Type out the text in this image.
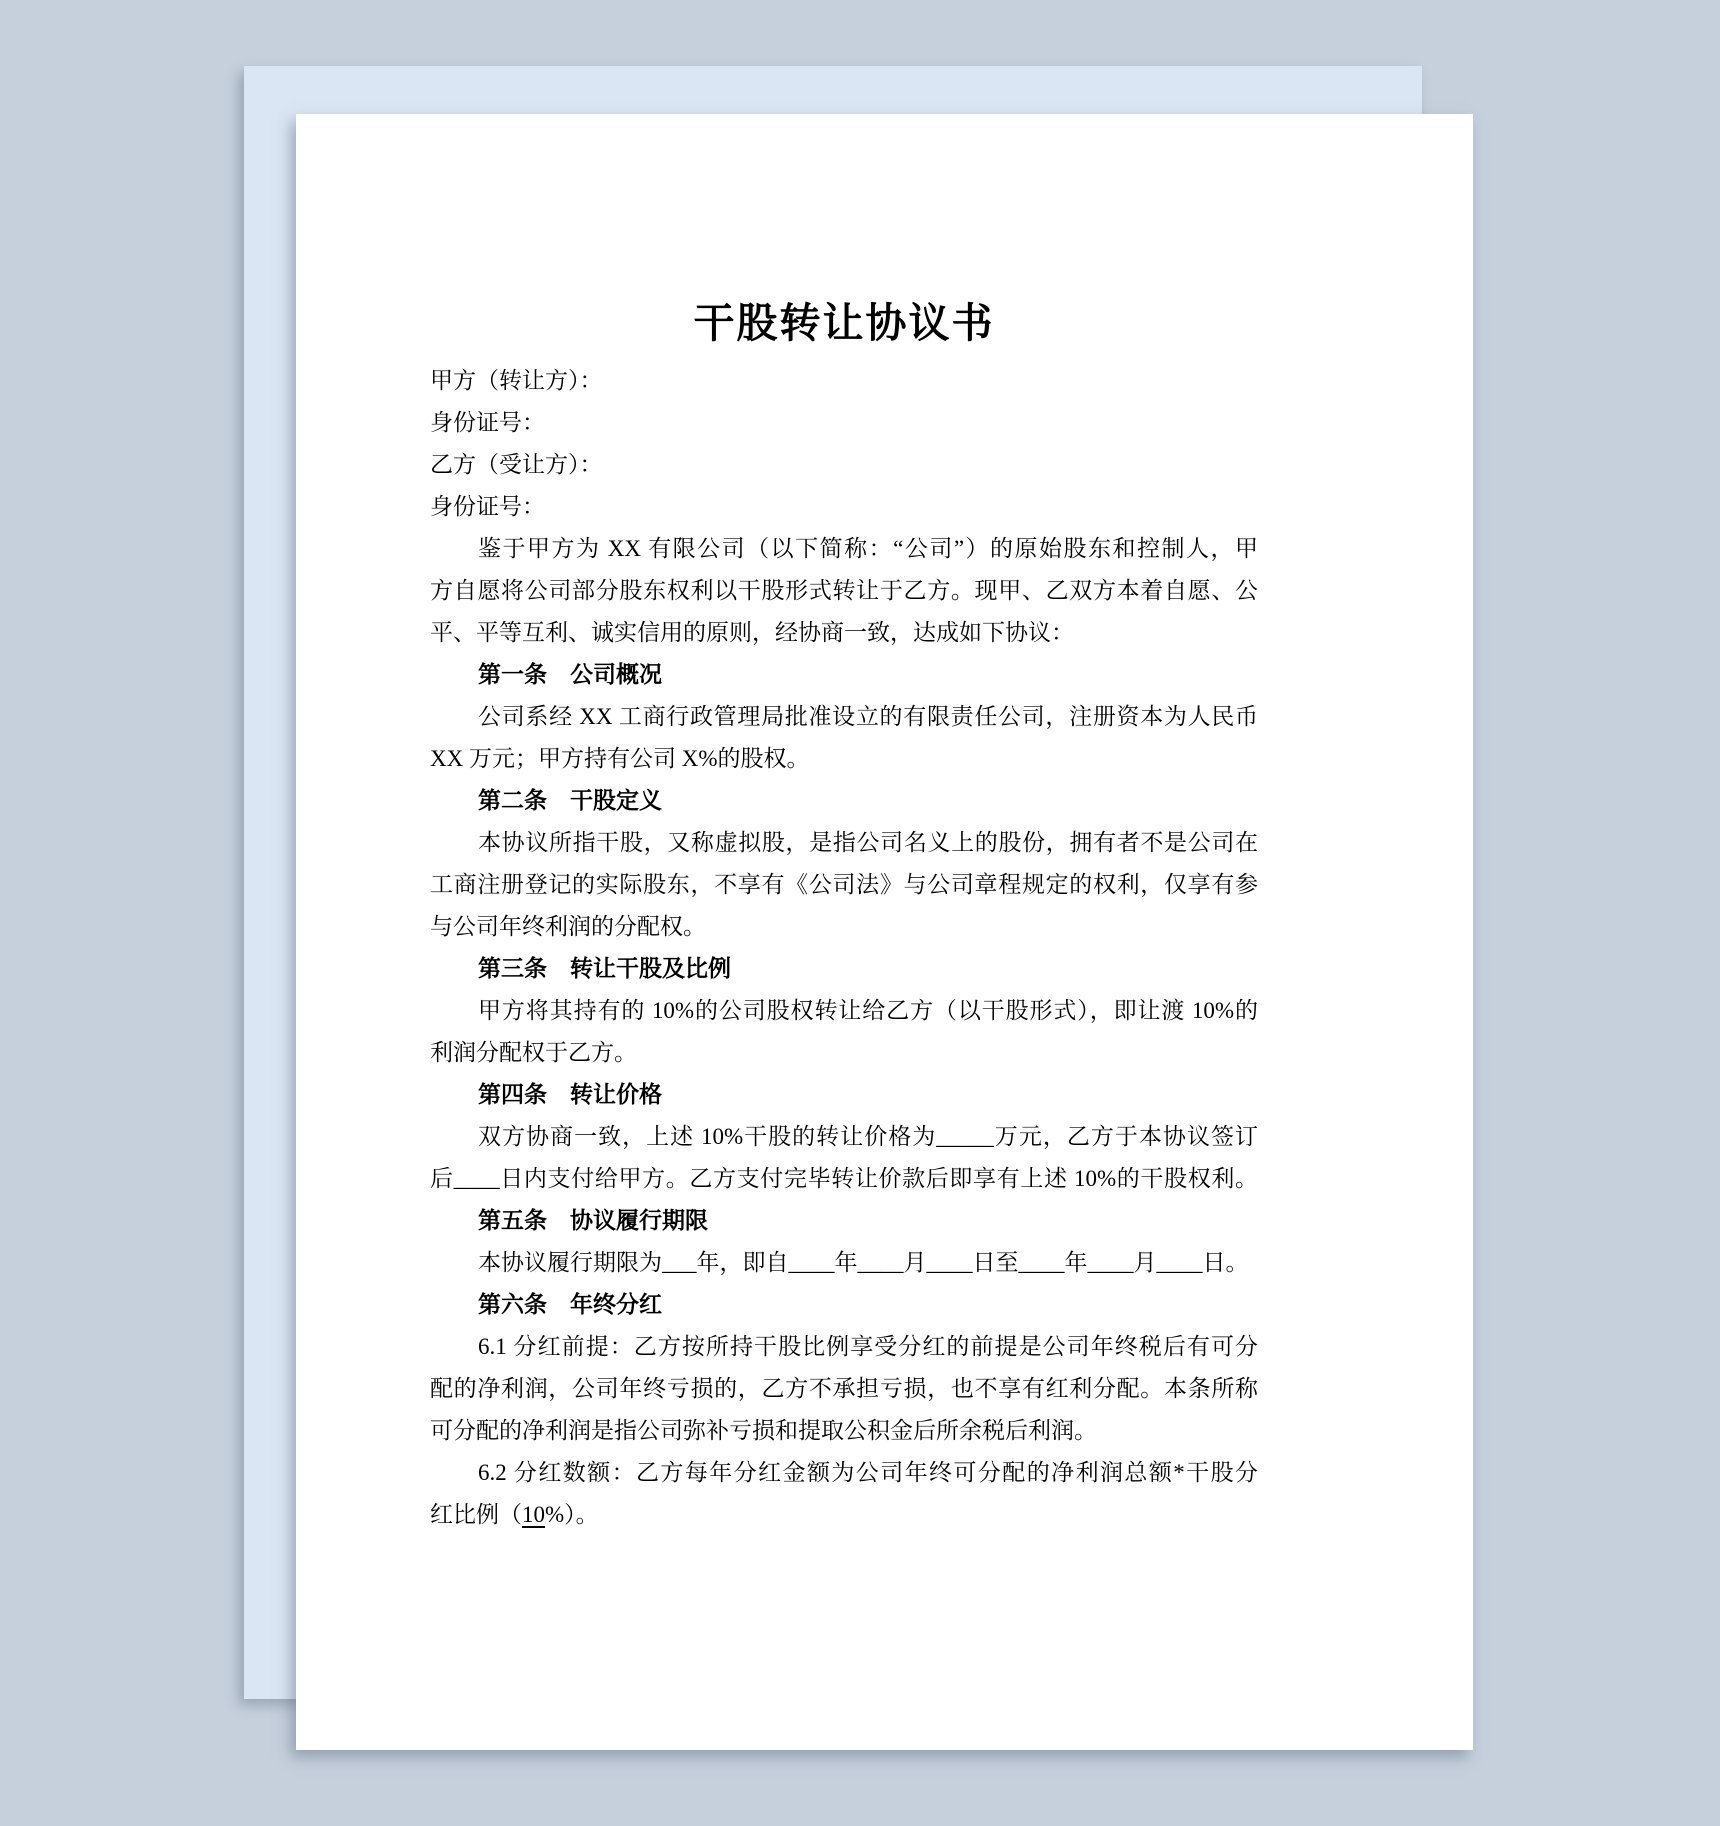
干股转让协议书
甲方（转让方）：
身份证号：
乙方（受让方）：
身份证号：
鉴于甲方为 XX 有限公司（以下简称：“公司”）的原始股东和控制人，甲
方自愿将公司部分股东权利以干股形式转让于乙方。现甲、乙双方本着自愿、公
平、平等互利、诚实信用的原则，经协商一致，达成如下协议：
第一条　公司概况
公司系经 XX 工商行政管理局批准设立的有限责任公司，注册资本为人民币
XX 万元；甲方持有公司 X%的股权。
第二条　干股定义
本协议所指干股，又称虚拟股，是指公司名义上的股份，拥有者不是公司在
工商注册登记的实际股东，不享有《公司法》与公司章程规定的权利，仅享有参
与公司年终利润的分配权。
第三条　转让干股及比例
甲方将其持有的 10%的公司股权转让给乙方（以干股形式），即让渡 10%的
利润分配权于乙方。
第四条　转让价格
双方协商一致，上述 10%干股的转让价格为_____万元，乙方于本协议签订
后____日内支付给甲方。乙方支付完毕转让价款后即享有上述 10%的干股权利。
第五条　协议履行期限
本协议履行期限为___年，即自____年____月____日至____年____月____日。
第六条　年终分红
6.1 分红前提：乙方按所持干股比例享受分红的前提是公司年终税后有可分
配的净利润，公司年终亏损的，乙方不承担亏损，也不享有红利分配。本条所称
可分配的净利润是指公司弥补亏损和提取公积金后所余税后利润。
6.2 分红数额：乙方每年分红金额为公司年终可分配的净利润总额*干股分
红比例（10%）。
